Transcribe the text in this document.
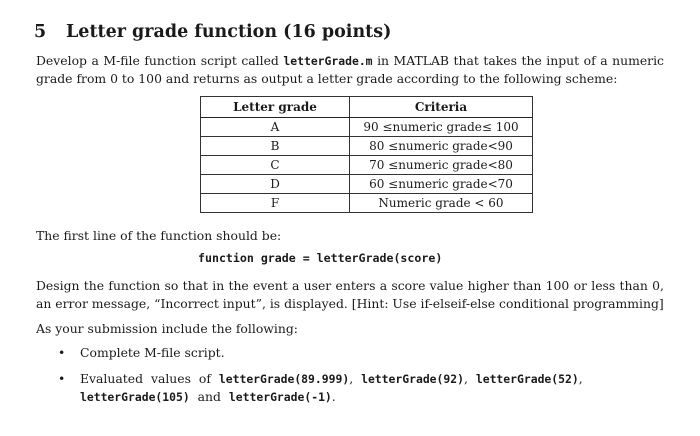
5 Letter grade function (16 points)
Develop a M-file function script called letterGrade.m in MATLAB that takes the input of a numeric grade from 0 to 100 and returns as output a letter grade according to the following scheme:
Letter grade	Criteria
A	90 ≤numeric grade≤ 100
B	80 ≤numeric grade<90
C	70 ≤numeric grade<80
D	60 ≤numeric grade<70
F	Numeric grade < 60
The first line of the function should be:
function grade = letterGrade(score)
Design the function so that in the event a user enters a score value higher than 100 or less than 0, an error message, “Incorrect input”, is displayed. [Hint: Use if-elseif-else conditional programming]
As your submission include the following:
• Complete M-file script.
• Evaluated values of letterGrade(89.999), letterGrade(92), letterGrade(52), letterGrade(105) and letterGrade(-1).
